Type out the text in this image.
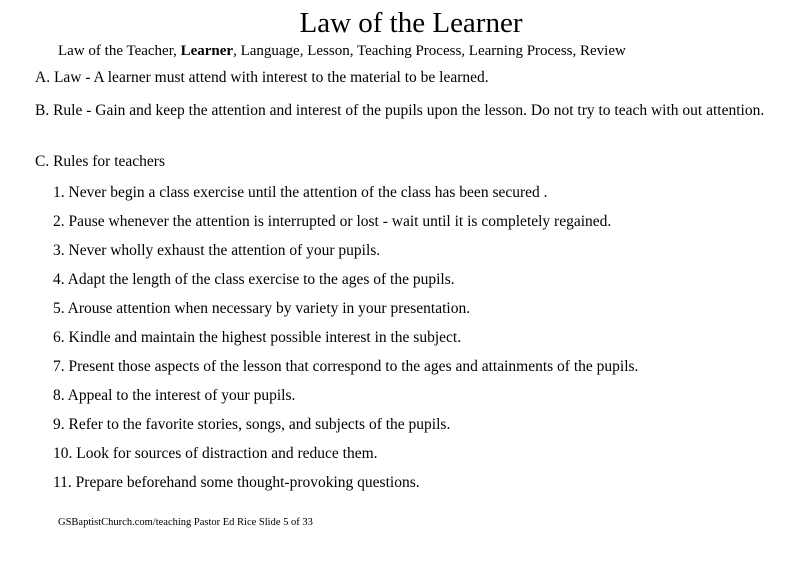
Law of the Learner
Law of the Teacher, Learner, Language, Lesson, Teaching Process, Learning Process, Review
A. Law - A learner must attend with interest to the material to be learned.
B. Rule - Gain and keep the attention and interest of the pupils upon the lesson. Do not try to teach with out attention.
C. Rules for teachers
1. Never begin a class exercise until the attention of the class has been secured .
2. Pause whenever the attention is interrupted or lost - wait until it is completely regained.
3. Never wholly exhaust the attention of your pupils.
4. Adapt the length of the class exercise to the ages of the pupils.
5. Arouse attention when necessary by variety in your presentation.
6. Kindle and maintain the highest possible interest in the subject.
7. Present those aspects of the lesson that correspond to the ages and attainments of the pupils.
8. Appeal to the interest of your pupils.
9. Refer to the favorite stories, songs, and subjects of the pupils.
10. Look for sources of distraction and reduce them.
11. Prepare beforehand some thought-provoking questions.
GSBaptistChurch.com/teaching Pastor Ed Rice Slide 5 of 33
